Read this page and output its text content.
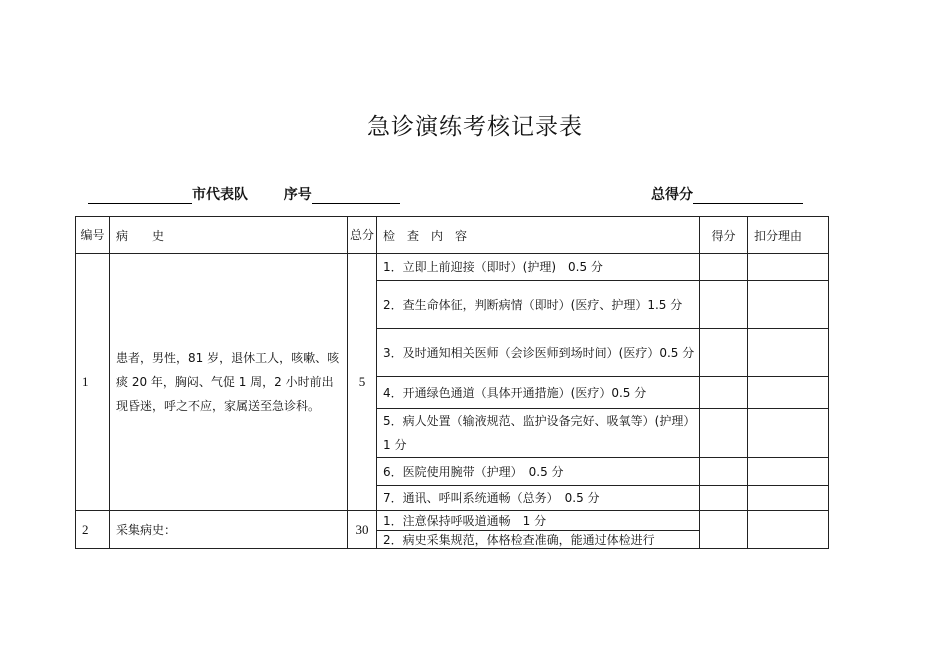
急诊演练考核记录表
市代表队	序号	总得分
编号	病　　史	总分	检　查　内　容	得分	扣分理由
1	患者，男性，81 岁，退休工人，咳嗽、咳痰 20 年，胸闷、气促 1 周，2 小时前出现昏迷，呼之不应，家属送至急诊科。	5	1．立即上前迎接（即时）(护理)　0.5 分		
			2．查生命体征，判断病情（即时）(医疗、护理）1.5 分		
			3．及时通知相关医师（会诊医师到场时间）(医疗）0.5 分		
			4．开通绿色通道（具体开通措施）(医疗）0.5 分		
			5．病人处置（输液规范、监护设备完好、吸氧等）(护理）1 分		
			6．医院使用腕带（护理）　0.5 分		
			7．通讯、呼叫系统通畅（总务）　0.5 分		
2	采集病史：	30	1．注意保持呼吸道通畅　1 分		
			2．病史采集规范，体格检查准确，能通过体检进行		
